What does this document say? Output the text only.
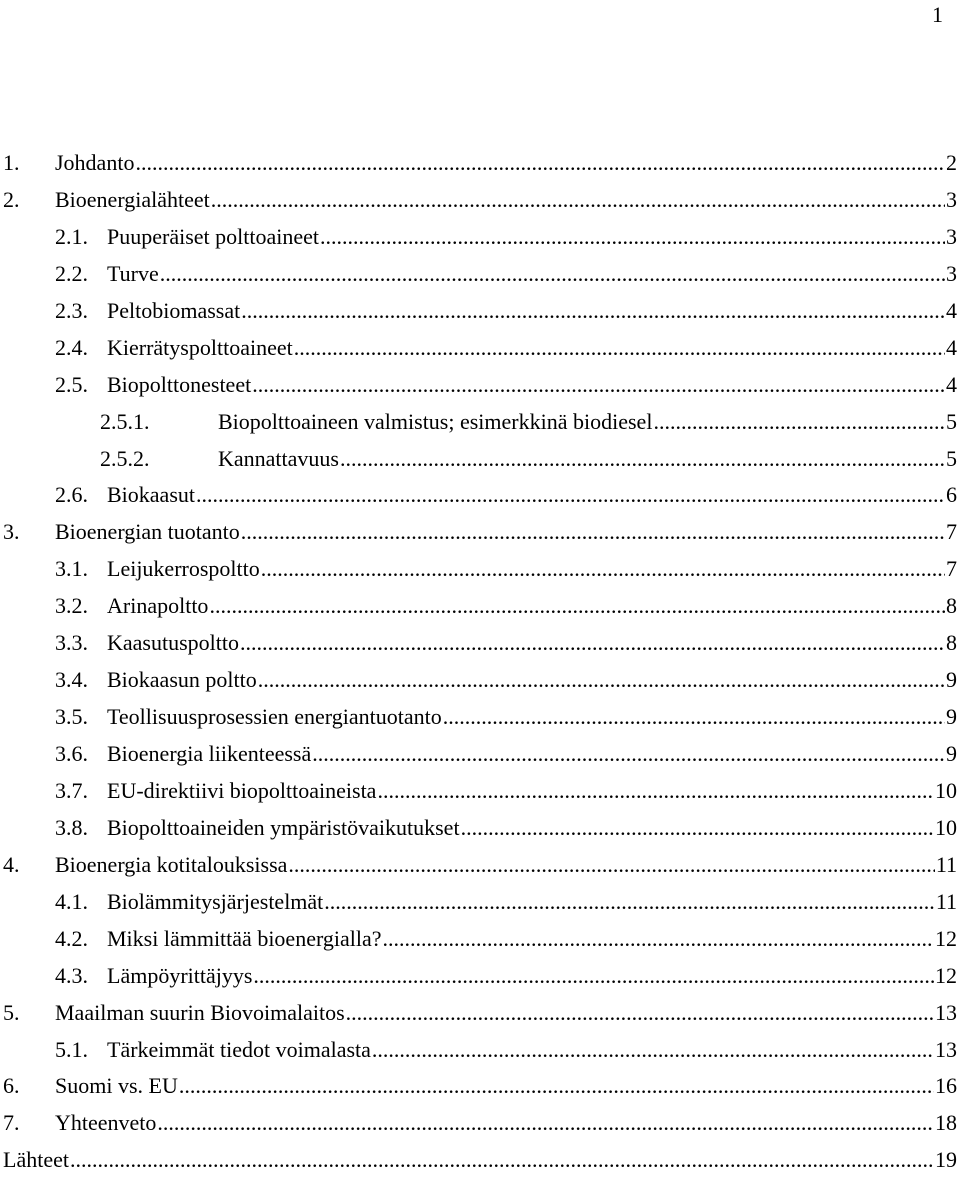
1
1.	Johdanto .....	2
2.	Bioenergialähteet .....	3
2.1. Puuperäiset polttoaineet .....	3
2.2. Turve .....	3
2.3. Peltobiomassat .....	4
2.4. Kierrätyspolttoaineet .....	4
2.5. Biopolttonesteet .....	4
2.5.1.	Biopolttoaineen valmistus; esimerkkinä biodiesel .....	5
2.5.2.	Kannattavuus .....	5
2.6. Biokaasut .....	6
3.	Bioenergian tuotanto .....	7
3.1. Leijukerrospoltto .....	7
3.2. Arinapoltto .....	8
3.3. Kaasutuspoltto .....	8
3.4. Biokaasun poltto .....	9
3.5. Teollisuusprosessien energiantuotanto .....	9
3.6. Bioenergia liikenteessä .....	9
3.7. EU-direktiivi biopolttoaineista .....	10
3.8. Biopolttoaineiden ympäristövaikutukset .....	10
4.	Bioenergia kotitalouksissa .....	11
4.1. Biolämmitysjärjestelmät .....	11
4.2. Miksi lämmittää bioenergialla? .....	12
4.3. Lämpöyrittäjyys .....	12
5.	Maailman suurin Biovoimalaitos .....	13
5.1. Tärkeimmät tiedot voimalasta .....	13
6.	Suomi vs. EU .....	16
7.	Yhteenveto .....	18
Lähteet .....	19
